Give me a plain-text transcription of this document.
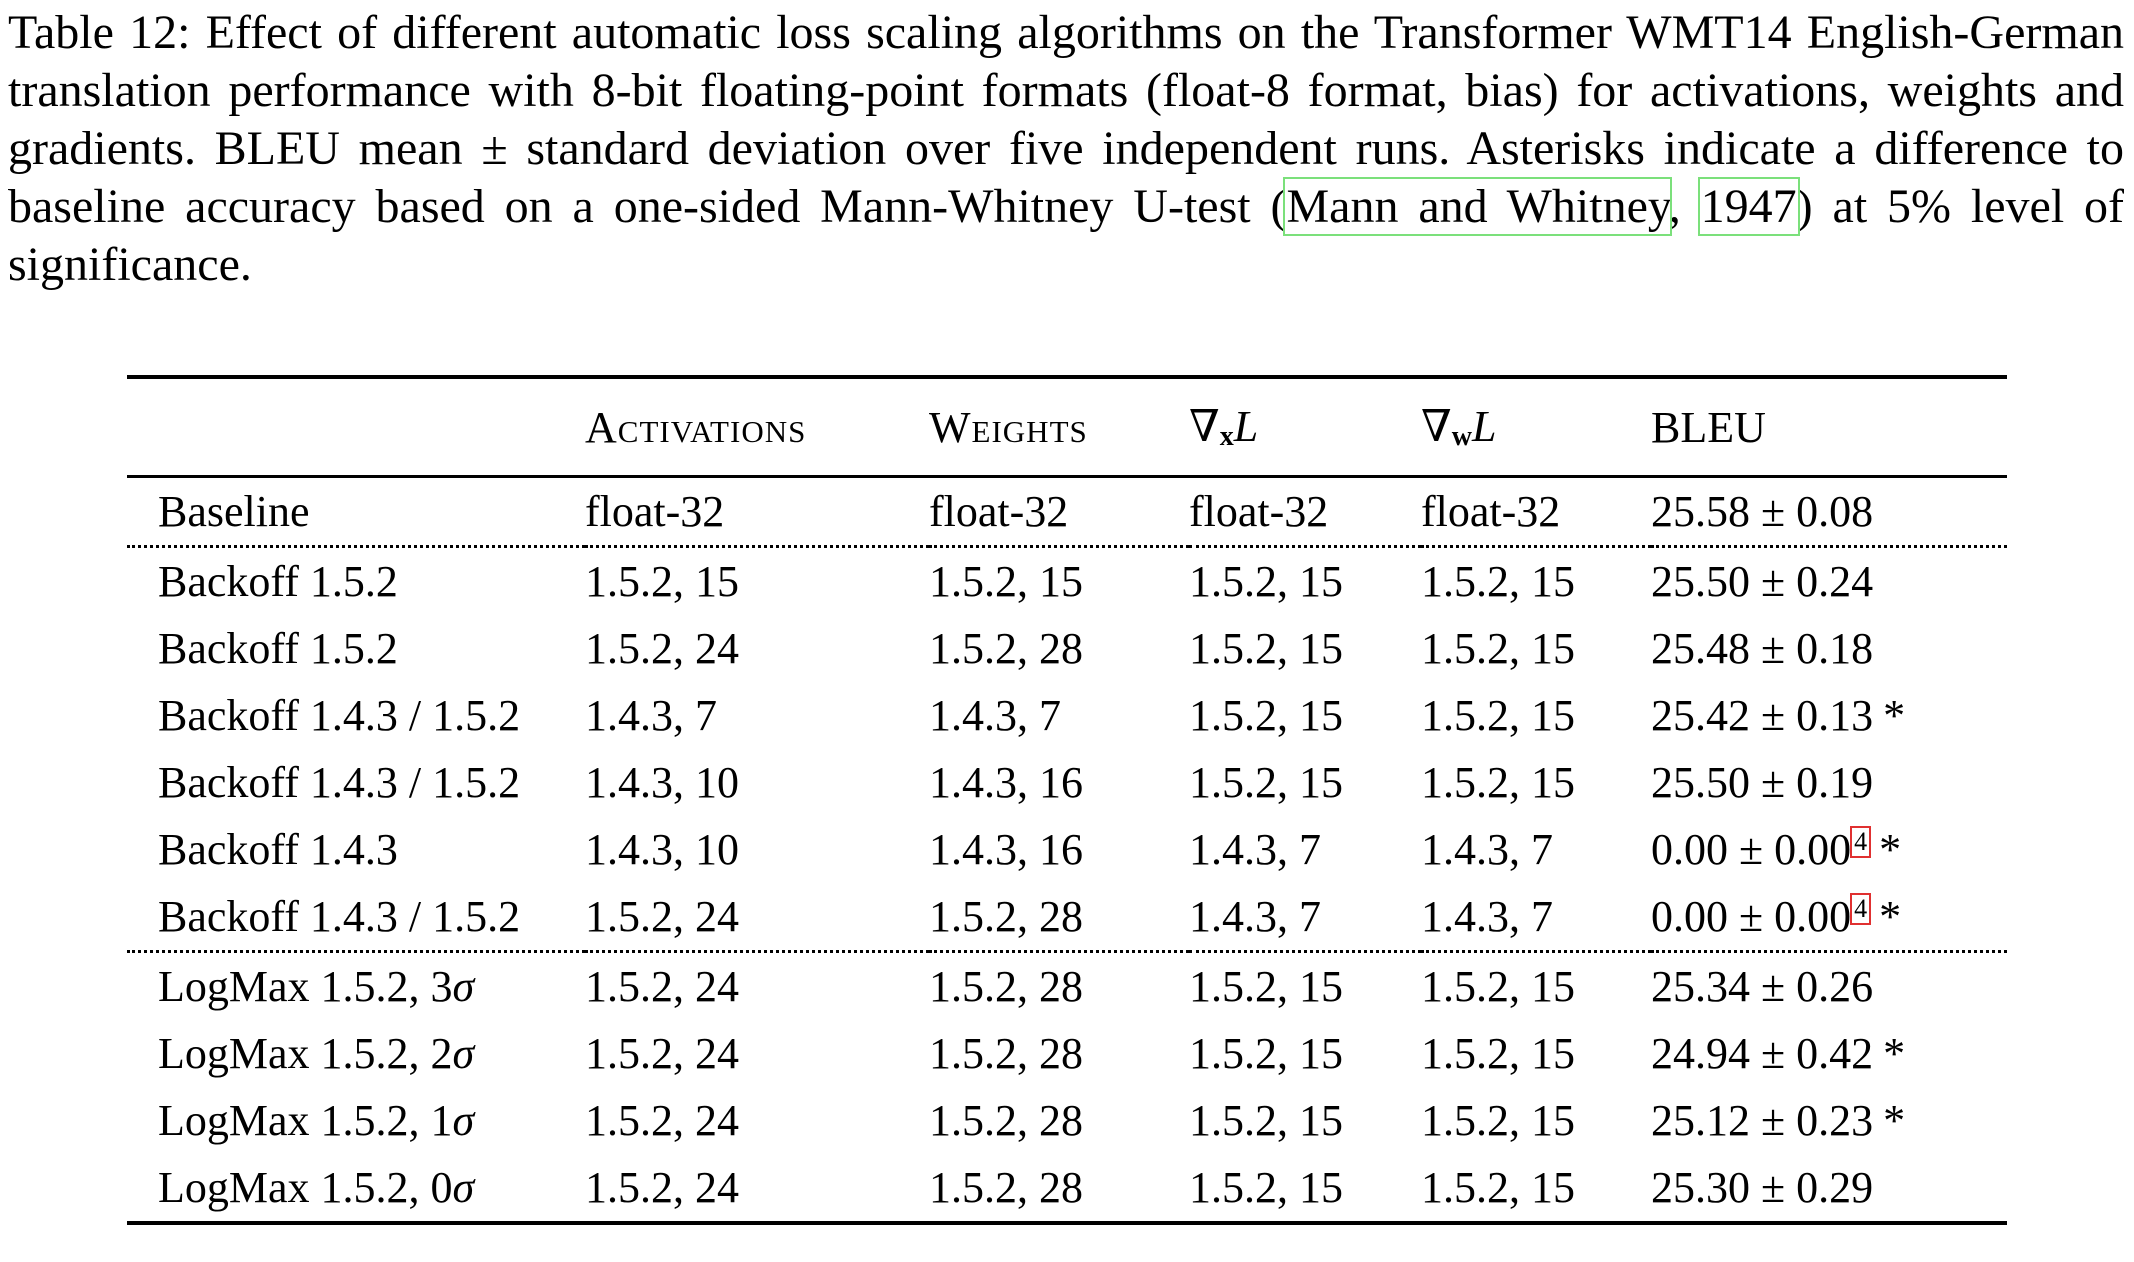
Table 12: Effect of different automatic loss scaling algorithms on the Transformer WMT14 English-German translation performance with 8-bit floating-point formats (float-8 format, bias) for activations, weights and gradients. BLEU mean ± standard deviation over five independent runs. Asterisks indicate a difference to baseline accuracy based on a one-sided Mann-Whitney U-test (Mann and Whitney, 1947) at 5% level of significance.

	Activations	Weights	∇xL	∇wL	BLEU
Baseline	float-32	float-32	float-32	float-32	25.58 ± 0.08
Backoff 1.5.2	1.5.2, 15	1.5.2, 15	1.5.2, 15	1.5.2, 15	25.50 ± 0.24
Backoff 1.5.2	1.5.2, 24	1.5.2, 28	1.5.2, 15	1.5.2, 15	25.48 ± 0.18
Backoff 1.4.3 / 1.5.2	1.4.3, 7	1.4.3, 7	1.5.2, 15	1.5.2, 15	25.42 ± 0.13 *
Backoff 1.4.3 / 1.5.2	1.4.3, 10	1.4.3, 16	1.5.2, 15	1.5.2, 15	25.50 ± 0.19
Backoff 1.4.3	1.4.3, 10	1.4.3, 16	1.4.3, 7	1.4.3, 7	0.00 ± 0.00 4 *
Backoff 1.4.3 / 1.5.2	1.5.2, 24	1.5.2, 28	1.4.3, 7	1.4.3, 7	0.00 ± 0.00 4 *
LogMax 1.5.2, 3σ	1.5.2, 24	1.5.2, 28	1.5.2, 15	1.5.2, 15	25.34 ± 0.26
LogMax 1.5.2, 2σ	1.5.2, 24	1.5.2, 28	1.5.2, 15	1.5.2, 15	24.94 ± 0.42 *
LogMax 1.5.2, 1σ	1.5.2, 24	1.5.2, 28	1.5.2, 15	1.5.2, 15	25.12 ± 0.23 *
LogMax 1.5.2, 0σ	1.5.2, 24	1.5.2, 28	1.5.2, 15	1.5.2, 15	25.30 ± 0.29
